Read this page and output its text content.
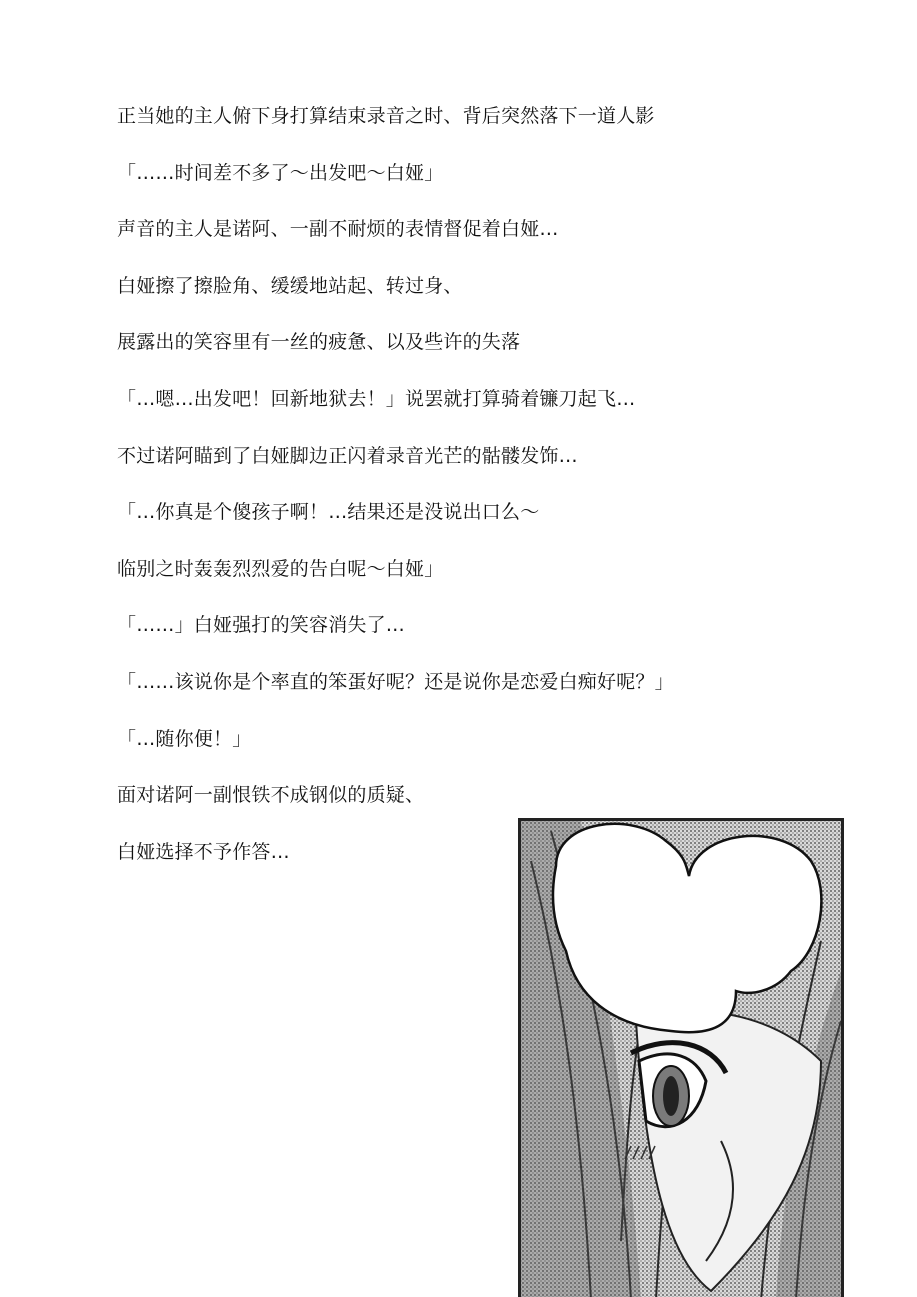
正当她的主人俯下身打算结束录音之时、背后突然落下一道人影
「……时间差不多了～出发吧～白娅」
声音的主人是诺阿、一副不耐烦的表情督促着白娅…
白娅擦了擦脸角、缓缓地站起、转过身、
展露出的笑容里有一丝的疲惫、以及些许的失落
「…嗯…出发吧！回新地狱去！」说罢就打算骑着镰刀起飞…
不过诺阿瞄到了白娅脚边正闪着录音光芒的骷髅发饰…
「…你真是个傻孩子啊！…结果还是没说出口么～
临别之时轰轰烈烈爱的告白呢～白娅」
「……」白娅强打的笑容消失了…
「……该说你是个率直的笨蛋好呢？还是说你是恋爱白痴好呢？」
「…随你便！」
面对诺阿一副恨铁不成钢似的质疑、
白娅选择不予作答…
